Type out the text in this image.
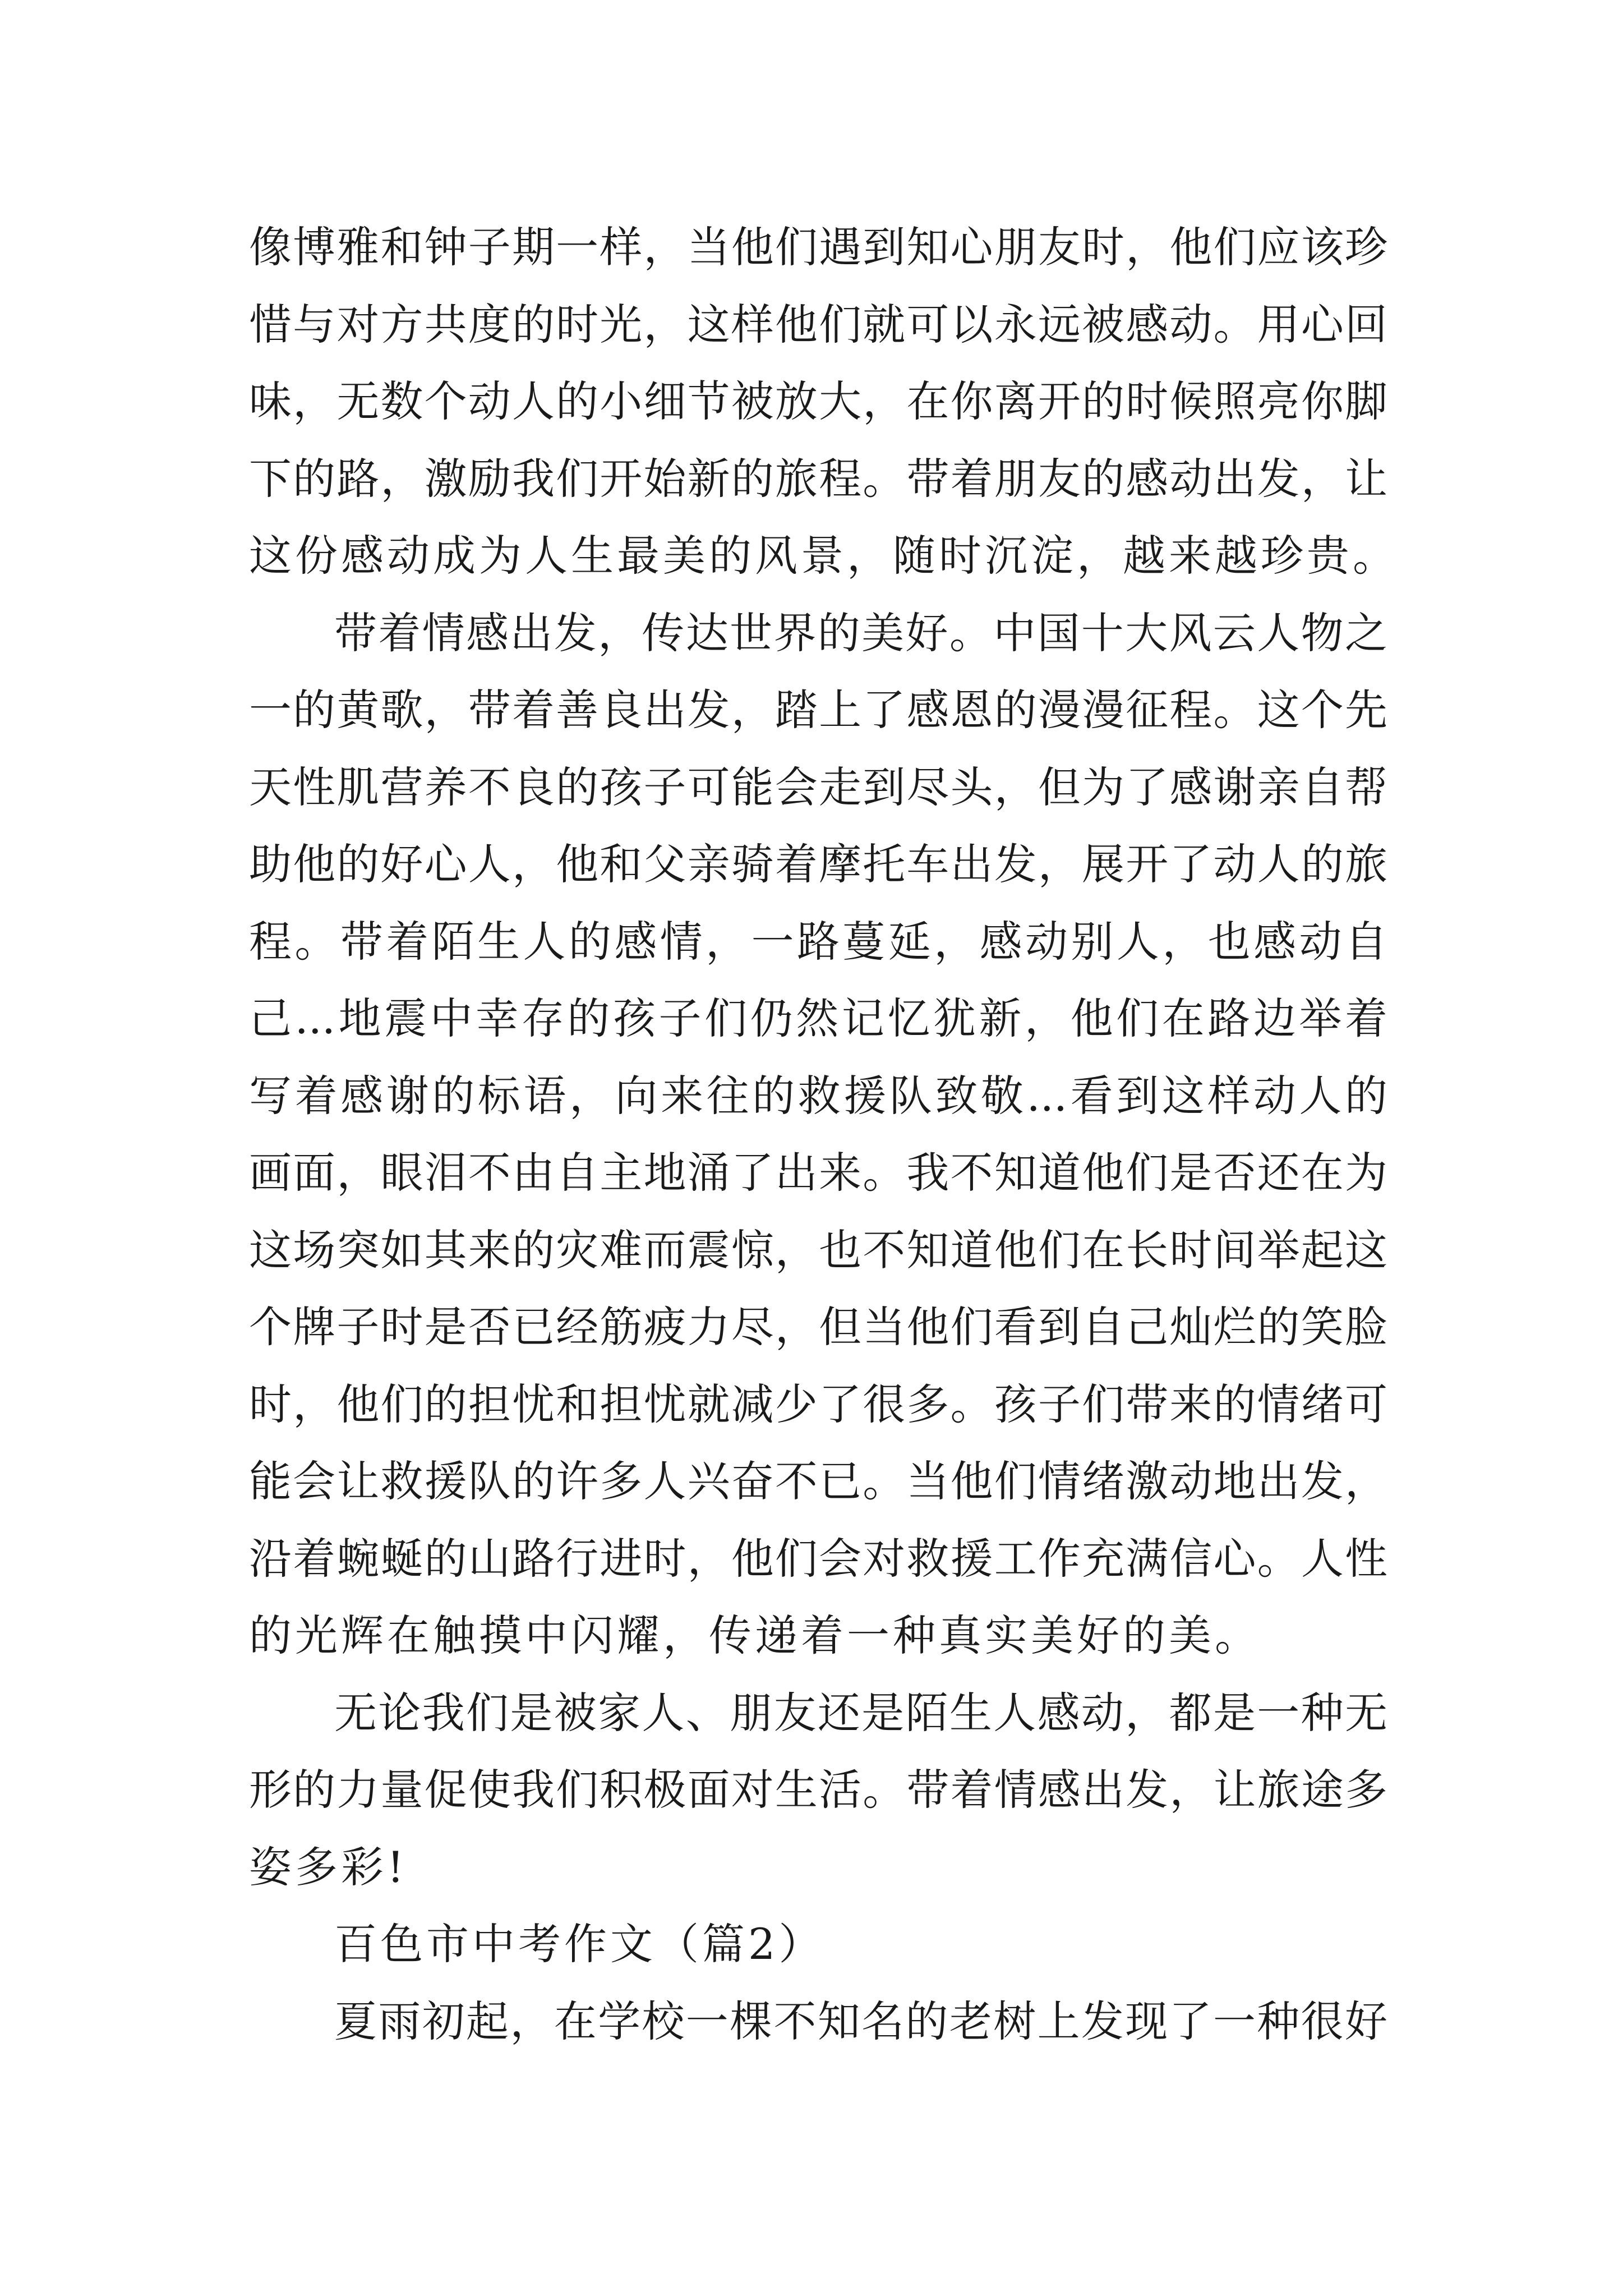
像博雅和钟子期一样，当他们遇到知心朋友时，他们应该珍
惜与对方共度的时光，这样他们就可以永远被感动。用心回
味，无数个动人的小细节被放大，在你离开的时候照亮你脚
下的路，激励我们开始新的旅程。带着朋友的感动出发，让
这份感动成为人生最美的风景，随时沉淀，越来越珍贵。
带着情感出发，传达世界的美好。中国十大风云人物之
一的黄歌，带着善良出发，踏上了感恩的漫漫征程。这个先
天性肌营养不良的孩子可能会走到尽头，但为了感谢亲自帮
助他的好心人，他和父亲骑着摩托车出发，展开了动人的旅
程。带着陌生人的感情，一路蔓延，感动别人，也感动自
己...地震中幸存的孩子们仍然记忆犹新，他们在路边举着
写着感谢的标语，向来往的救援队致敬...看到这样动人的
画面，眼泪不由自主地涌了出来。我不知道他们是否还在为
这场突如其来的灾难而震惊，也不知道他们在长时间举起这
个牌子时是否已经筋疲力尽，但当他们看到自己灿烂的笑脸
时，他们的担忧和担忧就减少了很多。孩子们带来的情绪可
能会让救援队的许多人兴奋不已。当他们情绪激动地出发，
沿着蜿蜒的山路行进时，他们会对救援工作充满信心。人性
的光辉在触摸中闪耀，传递着一种真实美好的美。
无论我们是被家人、朋友还是陌生人感动，都是一种无
形的力量促使我们积极面对生活。带着情感出发，让旅途多
姿多彩!
百色市中考作文（篇2）
夏雨初起，在学校一棵不知名的老树上发现了一种很好
